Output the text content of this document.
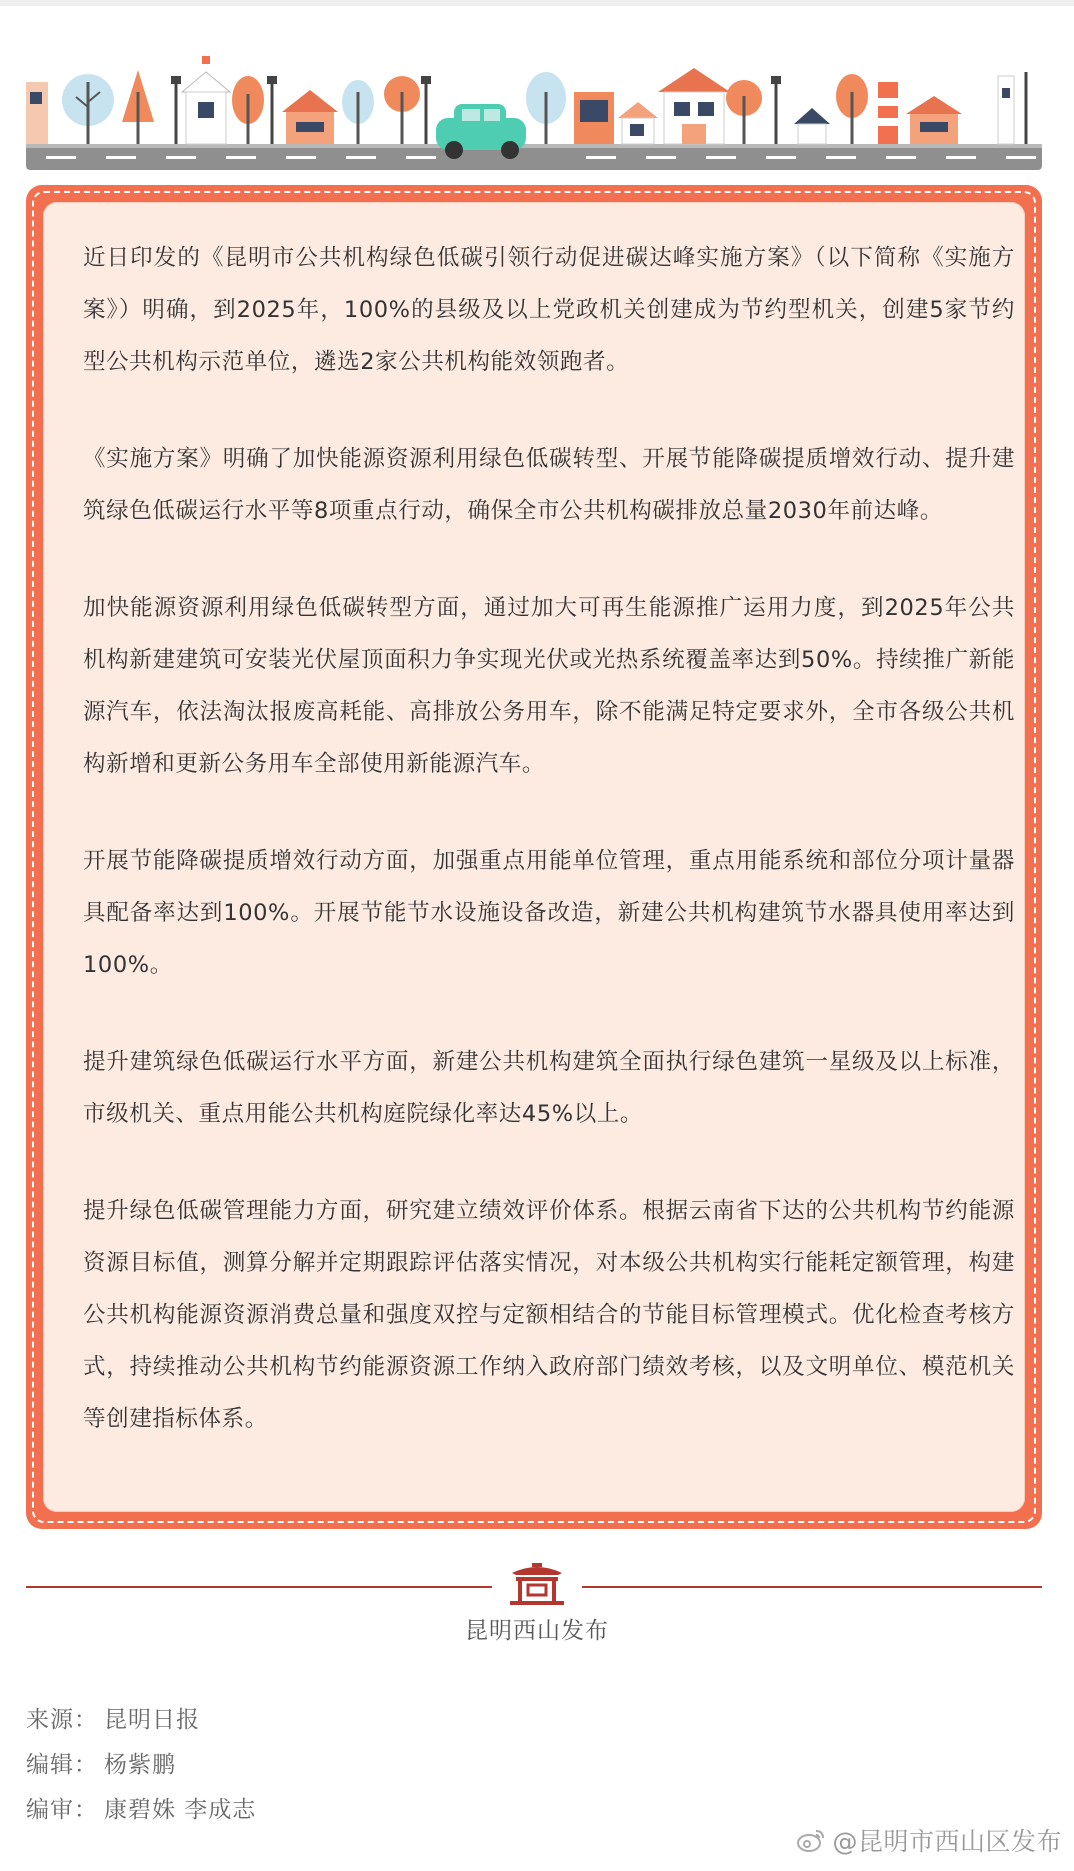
近日印发的《昆明市公共机构绿色低碳引领行动促进碳达峰实施方案》（以下简称《实施方案》）明确，到2025年，100%的县级及以上党政机关创建成为节约型机关，创建5家节约型公共机构示范单位，遴选2家公共机构能效领跑者。

《实施方案》明确了加快能源资源利用绿色低碳转型、开展节能降碳提质增效行动、提升建筑绿色低碳运行水平等8项重点行动，确保全市公共机构碳排放总量2030年前达峰。

加快能源资源利用绿色低碳转型方面，通过加大可再生能源推广运用力度，到2025年公共机构新建建筑可安装光伏屋顶面积力争实现光伏或光热系统覆盖率达到50%。持续推广新能源汽车，依法淘汰报废高耗能、高排放公务用车，除不能满足特定要求外，全市各级公共机构新增和更新公务用车全部使用新能源汽车。

开展节能降碳提质增效行动方面，加强重点用能单位管理，重点用能系统和部位分项计量器具配备率达到100%。开展节能节水设施设备改造，新建公共机构建筑节水器具使用率达到100%。

提升建筑绿色低碳运行水平方面，新建公共机构建筑全面执行绿色建筑一星级及以上标准，市级机关、重点用能公共机构庭院绿化率达45%以上。

提升绿色低碳管理能力方面，研究建立绩效评价体系。根据云南省下达的公共机构节约能源资源目标值，测算分解并定期跟踪评估落实情况，对本级公共机构实行能耗定额管理，构建公共机构能源资源消费总量和强度双控与定额相结合的节能目标管理模式。优化检查考核方式，持续推动公共机构节约能源资源工作纳入政府部门绩效考核，以及文明单位、模范机关等创建指标体系。

昆明西山发布
来源： 昆明日报
编辑： 杨紫鹏
编审： 康碧姝 李成志
@昆明市西山区发布
